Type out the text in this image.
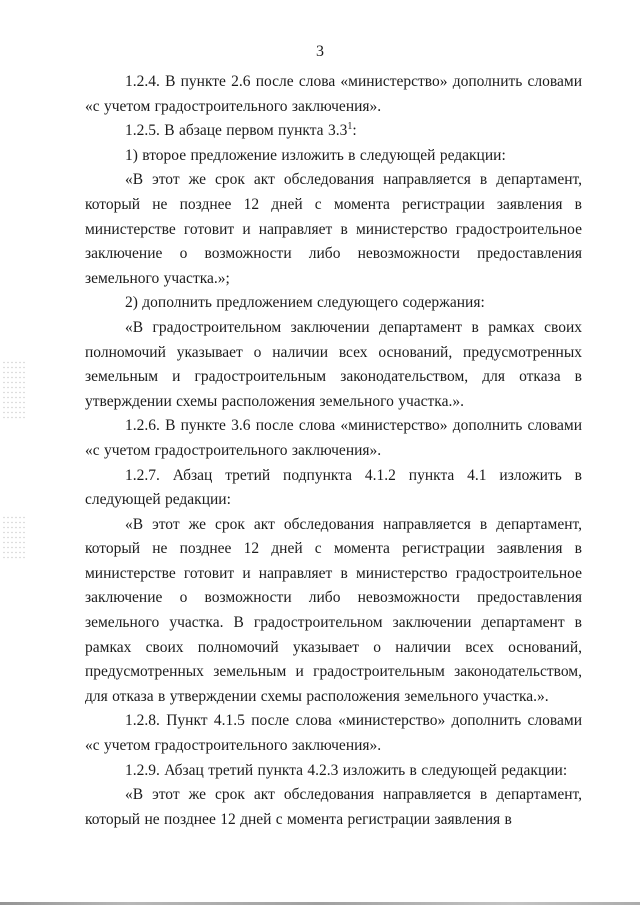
3

1.2.4. В пункте 2.6 после слова «министерство» дополнить словами «с учетом градостроительного заключения».

1.2.5. В абзаце первом пункта $3.3^1$:

1) второе предложение изложить в следующей редакции:

«В этот же срок акт обследования направляется в департамент, который не позднее 12 дней с момента регистрации заявления в министерстве готовит и направляет в министерство градостроительное заключение о возможности либо невозможности предоставления земельного участка.»;

2) дополнить предложением следующего содержания:

«В градостроительном заключении департамент в рамках своих полномочий указывает о наличии всех оснований, предусмотренных земельным и градостроительным законодательством, для отказа в утверждении схемы расположения земельного участка.».

1.2.6. В пункте 3.6 после слова «министерство» дополнить словами «с учетом градостроительного заключения».

1.2.7. Абзац третий подпункта 4.1.2 пункта 4.1 изложить в следующей редакции:

«В этот же срок акт обследования направляется в департамент, который не позднее 12 дней с момента регистрации заявления в министерстве готовит и направляет в министерство градостроительное заключение о возможности либо невозможности предоставления земельного участка. В градостроительном заключении департамент в рамках своих полномочий указывает о наличии всех оснований, предусмотренных земельным и градостроительным законодательством, для отказа в утверждении схемы расположения земельного участка.».

1.2.8. Пункт 4.1.5 после слова «министерство» дополнить словами «с учетом градостроительного заключения».

1.2.9. Абзац третий пункта 4.2.3 изложить в следующей редакции:

«В этот же срок акт обследования направляется в департамент, который не позднее 12 дней с момента регистрации заявления в
